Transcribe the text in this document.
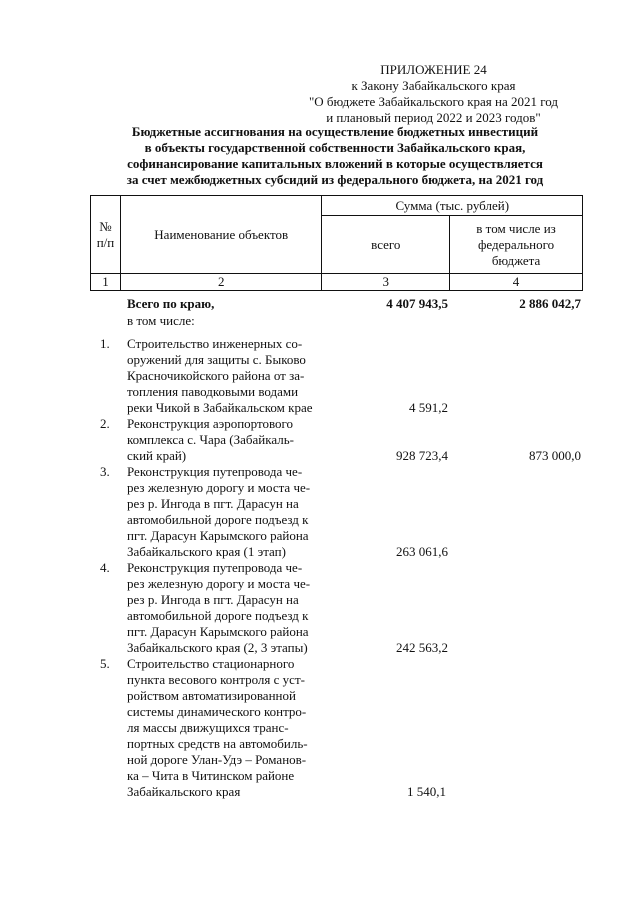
ПРИЛОЖЕНИЕ 24
к Закону Забайкальского края
"О бюджете Забайкальского края на 2021 год
и плановый период 2022 и 2023 годов"
Бюджетные ассигнования на осуществление бюджетных инвестиций
в объекты государственной собственности Забайкальского края,
софинансирование капитальных вложений в которые осуществляется
за счет межбюджетных субсидий из федерального бюджета, на 2021 год
№ п/п	Наименование объектов	Сумма (тыс. рублей)	
		всего	в том числе из федерального бюджета
1	2	3	4
Всего по краю,
в том числе:
4 407 943,5	2 886 042,7
1. Строительство инженерных со-
оружений для защиты с. Быково
Красночикойского района от за-
топления паводковыми водами
реки Чикой в Забайкальском крае	4 591,2
2. Реконструкция аэропортового
комплекса с. Чара (Забайкаль-
ский край)	928 723,4	873 000,0
3. Реконструкция путепровода че-
рез железную дорогу и моста че-
рез р. Ингода в пгт. Дарасун на
автомобильной дороге подъезд к
пгт. Дарасун Карымского района
Забайкальского края (1 этап)	263 061,6
4. Реконструкция путепровода че-
рез железную дорогу и моста че-
рез р. Ингода в пгт. Дарасун на
автомобильной дороге подъезд к
пгт. Дарасун Карымского района
Забайкальского края (2, 3 этапы)	242 563,2
5. Строительство стационарного
пункта весового контроля с уст-
ройством автоматизированной
системы динамического контро-
ля массы движущихся транс-
портных средств на автомобиль-
ной дороге Улан-Удэ – Романов-
ка – Чита в Читинском районе
Забайкальского края	1 540,1
